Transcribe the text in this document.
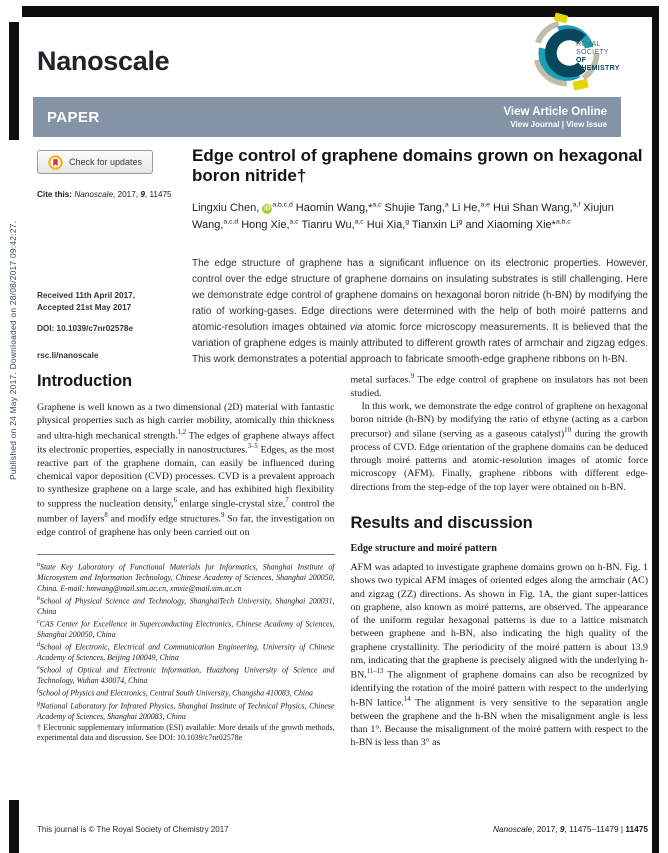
Published on 24 May 2017. Downloaded on 28/08/2017 09:42:27.
Nanoscale
ROYAL SOCIETY
OF CHEMISTRY
PAPER	View Article Online
View Journal | View Issue
Check for updates
Cite this: Nanoscale, 2017, 9, 11475
Edge control of graphene domains grown on hexagonal boron nitride†

Lingxiu Chen, iD$^{a,b,c,d}$ Haomin Wang,*$^{a,c}$ Shujie Tang,$^a$ Li He,$^{a,e}$ Hui Shan Wang,$^{a,f}$ Xiujun Wang,$^{a,c,d}$ Hong Xie,$^{a,c}$ Tianru Wu,$^{a,c}$ Hui Xia,$^g$ Tianxin Li$^g$ and Xiaoming Xie*$^{a,b,c}$

Received 11th April 2017,
Accepted 21st May 2017
DOI: 10.1039/c7nr02578e
rsc.li/nanoscale
The edge structure of graphene has a significant influence on its electronic properties. However, control over the edge structure of graphene domains on insulating substrates is still challenging. Here we demonstrate edge control of graphene domains on hexagonal boron nitride (h-BN) by modifying the ratio of working-gases. Edge directions were determined with the help of both moiré patterns and atomic-resolution images obtained via atomic force microscopy measurements. It is believed that the variation of graphene edges is mainly attributed to different growth rates of armchair and zigzag edges. This work demonstrates a potential approach to fabricate smooth-edge graphene ribbons on h-BN.
Introduction

Graphene is well known as a two dimensional (2D) material with fantastic physical properties such as high carrier mobility, atomically thin thickness and ultra-high mechanical strength.$^{1,2}$ The edges of graphene always affect its electronic properties, especially in nanostructures.$^{3-5}$ Edges, as the most reactive part of the graphene domain, can easily be influenced during chemical vapor deposition (CVD) processes. CVD is a prevalent approach to synthesize graphene on a large scale, and has exhibited high flexibility to suppress the nucleation density,$^6$ enlarge single-crystal size,$^7$ control the number of layers$^8$ and modify edge structures.$^9$ So far, the investigation on edge control of graphene has only been carried out on

$^a$State Key Laboratory of Functional Materials for Informatics, Shanghai Institute of Microsystem and Information Technology, Chinese Academy of Sciences, Shanghai 200050, China. E-mail: hmwang@mail.sim.ac.cn, xmxie@mail.sim.ac.cn

$^b$School of Physical Science and Technology, ShanghaiTech University, Shanghai 200031, China

$^c$CAS Center for Excellence in Superconducting Electronics, Chinese Academy of Sciences, Shanghai 200050, China

$^d$School of Electronic, Electrical and Communication Engineering, University of Chinese Academy of Sciences, Beijing 100049, China

$^e$School of Optical and Electronic Information, Huazhong University of Science and Technology, Wuhan 430074, China

$^f$School of Physics and Electronics, Central South University, Changsha 410083, China

$^g$National Laboratory for Infrared Physics, Shanghai Institute of Technical Physics, Chinese Academy of Sciences, Shanghai 200083, China

† Electronic supplementary information (ESI) available: More details of the growth methods, experimental data and discussion. See DOI: 10.1039/c7nr02578e

metal surfaces.$^9$ The edge control of graphene on insulators has not been studied.

In this work, we demonstrate the edge control of graphene on hexagonal boron nitride (h-BN) by modifying the ratio of ethyne (acting as a carbon precursor) and silane (serving as a gaseous catalyst)$^{10}$ during the growth process of CVD. Edge orientation of the graphene domains can be deduced through moiré patterns and atomic-resolution images of atomic force microscopy (AFM). Finally, graphene ribbons with different edge-directions from the step-edge of the top layer were obtained on h-BN.

Results and discussion
Edge structure and moiré pattern

AFM was adapted to investigate graphene domains grown on h-BN. Fig. 1 shows two typical AFM images of oriented edges along the armchair (AC) and zigzag (ZZ) directions. As shown in Fig. 1A, the giant super-lattices on graphene, also known as moiré patterns, are observed. The appearance of the uniform regular hexagonal patterns is due to a lattice mismatch between graphene and h-BN, also indicating the high quality of the graphene crystallinity. The periodicity of the moiré pattern is about 13.9 nm, indicating that the graphene is precisely aligned with the underlying h-BN.$^{11-13}$ The alignment of graphene domains can also be recognized by identifying the rotation of the moiré pattern with respect to the underlying h-BN lattice.$^{14}$ The alignment is very sensitive to the separation angle between the graphene and the h-BN when the misalignment angle is less than 1°. Because the misalignment of the moiré pattern with respect to the h-BN is less than 3° as

This journal is © The Royal Society of Chemistry 2017	Nanoscale, 2017, 9, 11475–11479 | 11475
